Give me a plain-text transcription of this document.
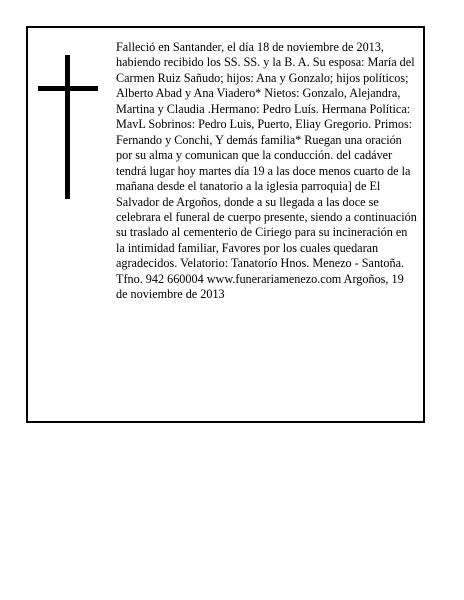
Falleció en Santander, el día 18 de noviembre de 2013, habiendo recibido los SS. SS. y la B. A. Su esposa: María del Carmen Ruiz Sañudo; hijos: Ana y Gonzalo; hijos políticos; Alberto Abad y Ana Viadero* Nietos: Gonzalo, Alejandra, Martina y Claudia .Hermano: Pedro Luís. Hermana Política: MavL Sobrinos: Pedro Luis, Puerto, Eliay Gregorio. Primos: Fernando y Conchi, Y demás familia* Ruegan una oración por su alma y comunican que la conducción. del cadáver tendrá lugar hoy martes día 19 a las doce menos cuarto de la mañana desde el tanatorio a la iglesia parroquia] de El Salvador de Argoños, donde a su llegada a las doce se celebrara el funeral de cuerpo presente, siendo a continuación su traslado al cementerio de Ciriego para su incineración en la intimidad familiar, Favores por los cuales quedaran agradecidos. Velatorio: Tanatorío Hnos. Menezo - Santoña. Tfno. 942 660004 www.funerariamenezo.com Argoños, 19 de noviembre de 2013
